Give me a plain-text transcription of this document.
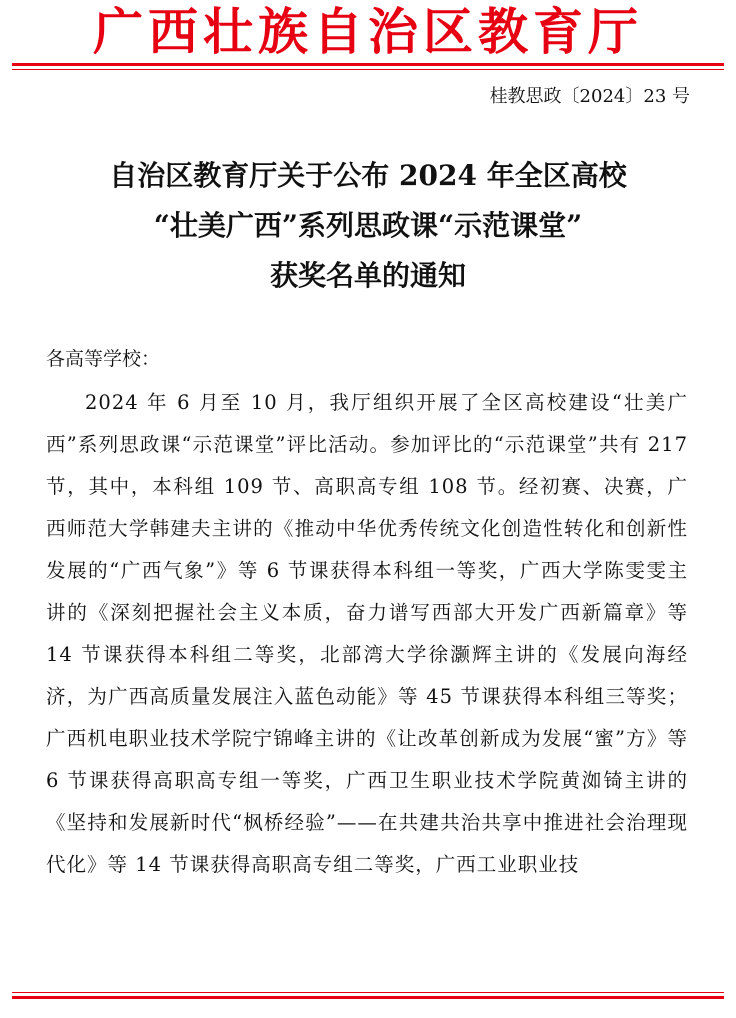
广西壮族自治区教育厅
桂教思政〔2024〕23 号
自治区教育厅关于公布 2024 年全区高校
“壮美广西”系列思政课“示范课堂”
获奖名单的通知
各高等学校：

2024 年 6 月至 10 月，我厅组织开展了全区高校建设“壮美广西”系列思政课“示范课堂”评比活动。参加评比的“示范课堂”共有 217 节，其中，本科组 109 节、高职高专组 108 节。经初赛、决赛，广西师范大学韩建夫主讲的《推动中华优秀传统文化创造性转化和创新性发展的“广西气象”》等 6 节课获得本科组一等奖，广西大学陈雯雯主讲的《深刻把握社会主义本质，奋力谱写西部大开发广西新篇章》等 14 节课获得本科组二等奖，北部湾大学徐灏辉主讲的《发展向海经济，为广西高质量发展注入蓝色动能》等 45 节课获得本科组三等奖；广西机电职业技术学院宁锦峰主讲的《让改革创新成为发展“蜜”方》等 6 节课获得高职高专组一等奖，广西卫生职业技术学院黄洳锜主讲的《坚持和发展新时代“枫桥经验”——在共建共治共享中推进社会治理现代化》等 14 节课获得高职高专组二等奖，广西工业职业技
